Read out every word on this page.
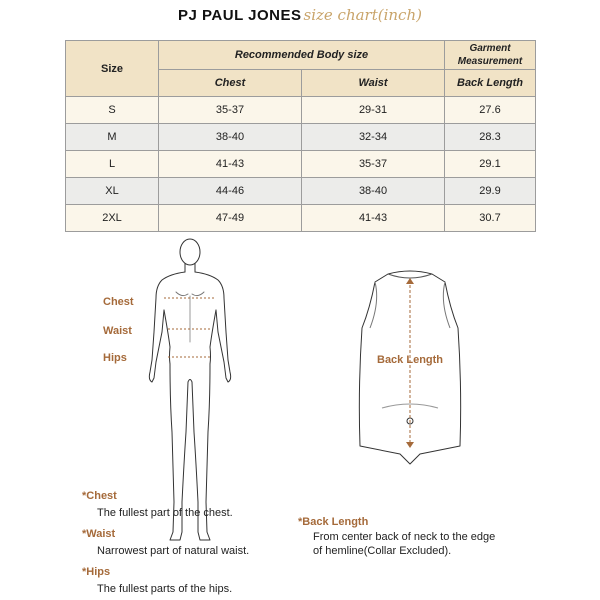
PJ PAUL JONES size chart(inch)
Size	Recommended Body size		Garment Measurement
	Chest	Waist	Back Length
S	35-37	29-31	27.6
M	38-40	32-34	28.3
L	41-43	35-37	29.1
XL	44-46	38-40	29.9
2XL	47-49	41-43	30.7
Chest
Waist
Hips	Back Length
*Chest
The fullest part of the chest.
*Waist
Narrowest part of natural waist.
*Hips
The fullest parts of the hips.
*Back Length
From center back of neck to the edge
of hemline(Collar Excluded).
